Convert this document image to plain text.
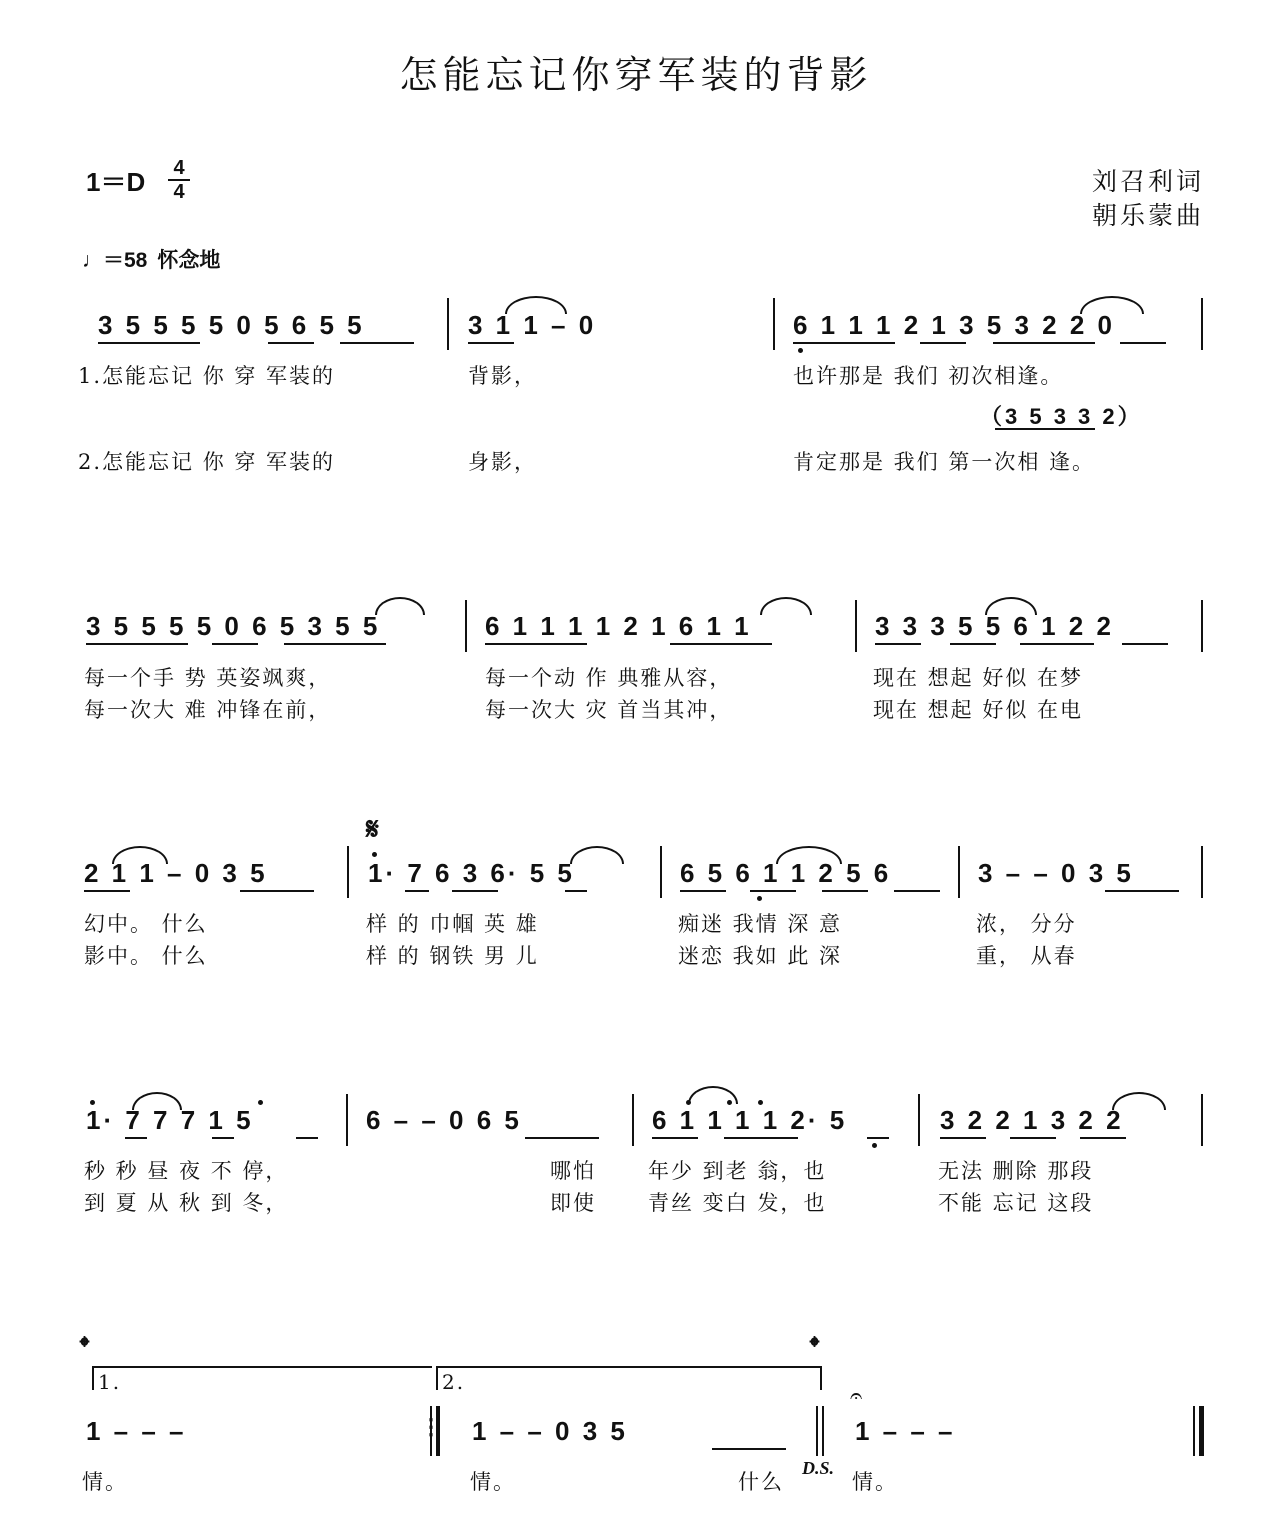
怎能忘记你穿军装的背影
1＝D 4
4	刘召利词
朝乐蒙曲
♩＝58 怀念地
3 5 5 5 5 0 5 6 5 5	3 1 1 – 0	6 1 1 1 2 1 3 5 3 2 2 0
1.怎能忘记 你 穿 军装的	背影，	也许那是 我们 初次相逢。
（3 5 3 3 2）
2.怎能忘记 你 穿 军装的	身影，	肯定那是 我们 第一次相 逢。
3 5 5 5 5 0 6 5 3 5 5	6 1 1 1 1 2 1 6 1 1	3 3 3 5 5 6 1 2 2
每一个手 势 英姿飒爽，	每一个动 作 典雅从容，	现在 想起 好似 在梦
每一次大 难 冲锋在前，	每一次大 灾 首当其冲，	现在 想起 好似 在电
𝄋
2 1 1 – 0 3 5	1· 7 6 3 6· 5 5	6 5 6 1 1 2 5 6	3 – – 0 3 5
幻中。 什么	样 的 巾帼 英 雄	痴迷 我情 深 意	浓， 分分
影中。 什么	样 的 钢铁 男 儿	迷恋 我如 此 深	重， 从春
1· 7 7 7 1 5	6 – – 0 6 5	6 1 1 1 1 2· 5	3 2 2 1 3 2 2
秒 秒 昼 夜 不 停，	哪怕 年少 到老 翁，也	无法 删除 那段
到 夏 从 秋 到 冬，	即使 青丝 变白 发，也	不能 忘记 这段
𝄌	𝄌
1.	2.
1 – – –	⋮ 1 – – 0 3 5
𝄐
1 – – –
情。	情。	什么
D.S.
情。
